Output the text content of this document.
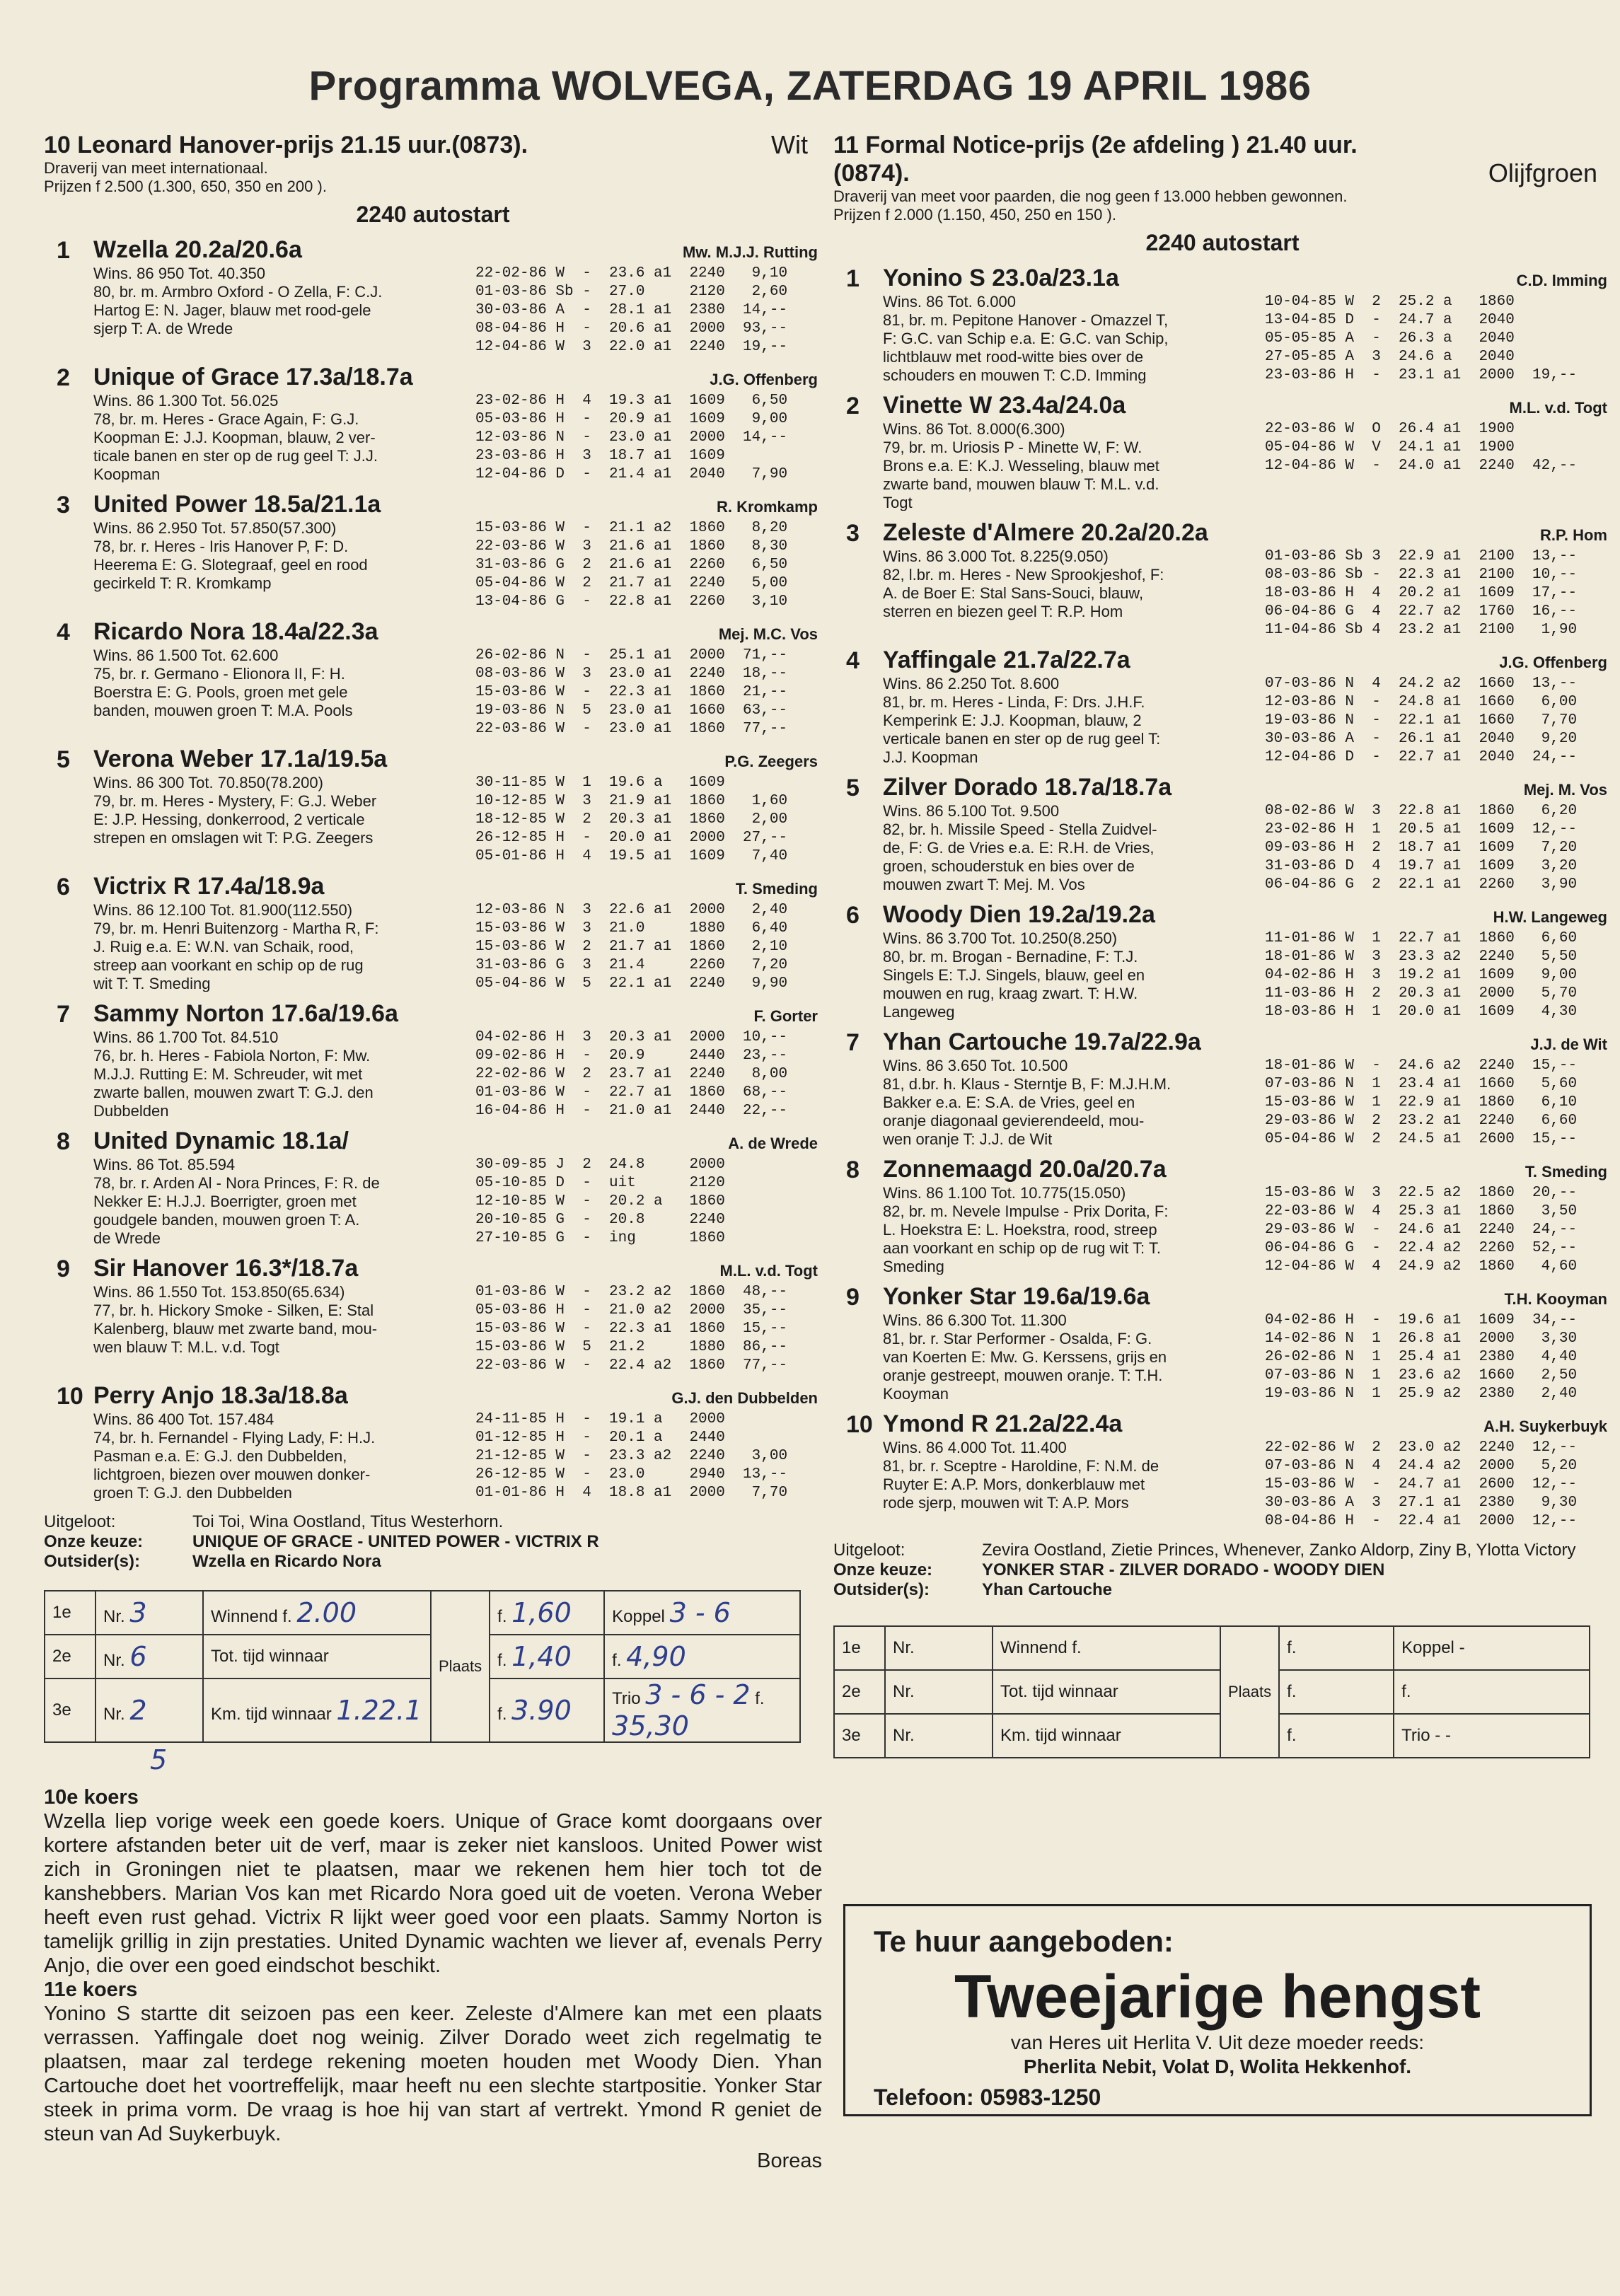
Programma WOLVEGA, ZATERDAG 19 APRIL 1986
10 Leonard Hanover-prijs 21.15 uur.(0873).	Wit
Draverij van meet internationaal.
Prijzen f 2.500 (1.300, 650, 350 en 200 ).
2240 autostart
1 Wzella 20.2a/20.6a	Mw. M.J.J. Rutting
Wins. 86 950 Tot. 40.350	22-02-86 W  -  23.6 a1  2240   9,10
80, br. m. Armbro Oxford - O Zella, F: C.J.	01-03-86 Sb -  27.0     2120   2,60
Hartog E: N. Jager, blauw met rood-gele	30-03-86 A  -  28.1 a1  2380  14,--
sjerp T: A. de Wrede	08-04-86 H  -  20.6 a1  2000  93,--
12-04-86 W  3  22.0 a1  2240  19,--
2 Unique of Grace 17.3a/18.7a	J.G. Offenberg
Wins. 86 1.300 Tot. 56.025	23-02-86 H  4  19.3 a1  1609   6,50
78, br. m. Heres - Grace Again, F: G.J.	05-03-86 H  -  20.9 a1  1609   9,00
Koopman E: J.J. Koopman, blauw, 2 ver-	12-03-86 N  -  23.0 a1  2000  14,--
ticale banen en ster op de rug geel T: J.J.	23-03-86 H  3  18.7 a1  1609
Koopman	12-04-86 D  -  21.4 a1  2040   7,90
3 United Power 18.5a/21.1a	R. Kromkamp
Wins. 86 2.950 Tot. 57.850(57.300)	15-03-86 W  -  21.1 a2  1860   8,20
78, br. r. Heres - Iris Hanover P, F: D.	22-03-86 W  3  21.6 a1  1860   8,30
Heerema E: G. Slotegraaf, geel en rood	31-03-86 G  2  21.6 a1  2260   6,50
gecirkeld T: R. Kromkamp	05-04-86 W  2  21.7 a1  2240   5,00
13-04-86 G  -  22.8 a1  2260   3,10
4 Ricardo Nora 18.4a/22.3a	Mej. M.C. Vos
Wins. 86 1.500 Tot. 62.600	26-02-86 N  -  25.1 a1  2000  71,--
75, br. r. Germano - Elionora II, F: H.	08-03-86 W  3  23.0 a1  2240  18,--
Boerstra E: G. Pools, groen met gele	15-03-86 W  -  22.3 a1  1860  21,--
banden, mouwen groen T: M.A. Pools	19-03-86 N  5  23.0 a1  1660  63,--
22-03-86 W  -  23.0 a1  1860  77,--
5 Verona Weber 17.1a/19.5a	P.G. Zeegers
Wins. 86 300 Tot. 70.850(78.200)	30-11-85 W  1  19.6 a   1609
79, br. m. Heres - Mystery, F: G.J. Weber	10-12-85 W  3  21.9 a1  1860   1,60
E: J.P. Hessing, donkerrood, 2 verticale	18-12-85 W  2  20.3 a1  1860   2,00
strepen en omslagen wit T: P.G. Zeegers	26-12-85 H  -  20.0 a1  2000  27,--
05-01-86 H  4  19.5 a1  1609   7,40
6 Victrix R 17.4a/18.9a	T. Smeding
Wins. 86 12.100 Tot. 81.900(112.550)	12-03-86 N  3  22.6 a1  2000   2,40
79, br. m. Henri Buitenzorg - Martha R, F:	15-03-86 W  3  21.0     1880   6,40
J. Ruig e.a. E: W.N. van Schaik, rood,	15-03-86 W  2  21.7 a1  1860   2,10
streep aan voorkant en schip op de rug	31-03-86 G  3  21.4     2260   7,20
wit T: T. Smeding	05-04-86 W  5  22.1 a1  2240   9,90
7 Sammy Norton 17.6a/19.6a	F. Gorter
Wins. 86 1.700 Tot. 84.510	04-02-86 H  3  20.3 a1  2000  10,--
76, br. h. Heres - Fabiola Norton, F: Mw.	09-02-86 H  -  20.9     2440  23,--
M.J.J. Rutting E: M. Schreuder, wit met	22-02-86 W  2  23.7 a1  2240   8,00
zwarte ballen, mouwen zwart T: G.J. den	01-03-86 W  -  22.7 a1  1860  68,--
Dubbelden	16-04-86 H  -  21.0 a1  2440  22,--
8 United Dynamic 18.1a/	A. de Wrede
Wins. 86 Tot. 85.594	30-09-85 J  2  24.8     2000
78, br. r. Arden Al - Nora Princes, F: R. de	05-10-85 D  -  uit      2120
Nekker E: H.J.J. Boerrigter, groen met	12-10-85 W  -  20.2 a   1860
goudgele banden, mouwen groen T: A.	20-10-85 G  -  20.8     2240
de Wrede	27-10-85 G  -  ing      1860
9 Sir Hanover 16.3*/18.7a	M.L. v.d. Togt
Wins. 86 1.550 Tot. 153.850(65.634)	01-03-86 W  -  23.2 a2  1860  48,--
77, br. h. Hickory Smoke - Silken, E: Stal	05-03-86 H  -  21.0 a2  2000  35,--
Kalenberg, blauw met zwarte band, mou-	15-03-86 W  -  22.3 a1  1860  15,--
wen blauw T: M.L. v.d. Togt	15-03-86 W  5  21.2     1880  86,--
22-03-86 W  -  22.4 a2  1860  77,--
10 Perry Anjo 18.3a/18.8a	G.J. den Dubbelden
Wins. 86 400 Tot. 157.484	24-11-85 H  -  19.1 a   2000
74, br. h. Fernandel - Flying Lady, F: H.J.	01-12-85 H  -  20.1 a   2440
Pasman e.a. E: G.J. den Dubbelden,	21-12-85 W  -  23.3 a2  2240   3,00
lichtgroen, biezen over mouwen donker-	26-12-85 W  -  23.0     2940  13,--
groen T: G.J. den Dubbelden	01-01-86 H  4  18.8 a1  2000   7,70
Uitgeloot:	Toi Toi, Wina Oostland, Titus Westerhorn.
Onze keuze:	UNIQUE OF GRACE - UNITED POWER - VICTRIX R
Outsider(s):	Wzella en Ricardo Nora
1e	Nr. 3	Winnend f. 2.00	Plaats	f. 1,60	Koppel 3 - 6
2e	Nr. 6	Tot. tijd winnaar		f. 1,40	f. 4,90
3e	Nr. 2	Km. tijd winnaar 1.22.1		f. 3.90	Trio 3 - 6 - 2 f. 35,30
5
10e koers
Wzella liep vorige week een goede koers. Unique of Grace komt doorgaans over kortere afstanden beter uit de verf, maar is zeker niet kansloos. United Power wist zich in Groningen niet te plaatsen, maar we rekenen hem hier toch tot de kanshebbers. Marian Vos kan met Ricardo Nora goed uit de voeten. Verona Weber heeft even rust gehad. Victrix R lijkt weer goed voor een plaats. Sammy Norton is tamelijk grillig in zijn prestaties. United Dynamic wachten we liever af, evenals Perry Anjo, die over een goed eindschot beschikt.
11e koers
Yonino S startte dit seizoen pas een keer. Zeleste d'Almere kan met een plaats verrassen. Yaffingale doet nog weinig. Zilver Dorado weet zich regelmatig te plaatsen, maar zal terdege rekening moeten houden met Woody Dien. Yhan Cartouche doet het voortreffelijk, maar heeft nu een slechte startpositie. Yonker Star steek in prima vorm. De vraag is hoe hij van start af vertrekt. Ymond R geniet de steun van Ad Suykerbuyk.
Boreas
11 Formal Notice-prijs (2e afdeling ) 21.40 uur.(0874).	Olijfgroen
Draverij van meet voor paarden, die nog geen f 13.000 hebben gewonnen.
Prijzen f 2.000 (1.150, 450, 250 en 150 ).
2240 autostart
1 Yonino S 23.0a/23.1a	C.D. Imming
Wins. 86 Tot. 6.000	10-04-85 W  2  25.2 a   1860
81, br. m. Pepitone Hanover - Omazzel T,	13-04-85 D  -  24.7 a   2040
F: G.C. van Schip e.a. E: G.C. van Schip,	05-05-85 A  -  26.3 a   2040
lichtblauw met rood-witte bies over de	27-05-85 A  3  24.6 a   2040
schouders en mouwen T: C.D. Imming	23-03-86 H  -  23.1 a1  2000  19,--
2 Vinette W 23.4a/24.0a	M.L. v.d. Togt
Wins. 86 Tot. 8.000(6.300)	22-03-86 W  O  26.4 a1  1900
79, br. m. Uriosis P - Minette W, F: W.	05-04-86 W  V  24.1 a1  1900
Brons e.a. E: K.J. Wesseling, blauw met	12-04-86 W  -  24.0 a1  2240  42,--
zwarte band, mouwen blauw T: M.L. v.d.
Togt
3 Zeleste d'Almere 20.2a/20.2a	R.P. Hom
Wins. 86 3.000 Tot. 8.225(9.050)	01-03-86 Sb 3  22.9 a1  2100  13,--
82, l.br. m. Heres - New Sprookjeshof, F:	08-03-86 Sb -  22.3 a1  2100  10,--
A. de Boer E: Stal Sans-Souci, blauw,	18-03-86 H  4  20.2 a1  1609  17,--
sterren en biezen geel T: R.P. Hom	06-04-86 G  4  22.7 a2  1760  16,--
11-04-86 Sb 4  23.2 a1  2100   1,90
4 Yaffingale 21.7a/22.7a	J.G. Offenberg
Wins. 86 2.250 Tot. 8.600	07-03-86 N  4  24.2 a2  1660  13,--
81, br. m. Heres - Linda, F: Drs. J.H.F.	12-03-86 N  -  24.8 a1  1660   6,00
Kemperink E: J.J. Koopman, blauw, 2	19-03-86 N  -  22.1 a1  1660   7,70
verticale banen en ster op de rug geel T:	30-03-86 A  -  26.1 a1  2040   9,20
J.J. Koopman	12-04-86 D  -  22.7 a1  2040  24,--
5 Zilver Dorado 18.7a/18.7a	Mej. M. Vos
Wins. 86 5.100 Tot. 9.500	08-02-86 W  3  22.8 a1  1860   6,20
82, br. h. Missile Speed - Stella Zuidvel-	23-02-86 H  1  20.5 a1  1609  12,--
de, F: G. de Vries e.a. E: R.H. de Vries,	09-03-86 H  2  18.7 a1  1609   7,20
groen, schouderstuk en bies over de	31-03-86 D  4  19.7 a1  1609   3,20
mouwen zwart T: Mej. M. Vos	06-04-86 G  2  22.1 a1  2260   3,90
6 Woody Dien 19.2a/19.2a	H.W. Langeweg
Wins. 86 3.700 Tot. 10.250(8.250)	11-01-86 W  1  22.7 a1  1860   6,60
80, br. m. Brogan - Bernadine, F: T.J.	18-01-86 W  3  23.3 a2  2240   5,50
Singels E: T.J. Singels, blauw, geel en	04-02-86 H  3  19.2 a1  1609   9,00
mouwen en rug, kraag zwart. T: H.W.	11-03-86 H  2  20.3 a1  2000   5,70
Langeweg	18-03-86 H  1  20.0 a1  1609   4,30
7 Yhan Cartouche 19.7a/22.9a	J.J. de Wit
Wins. 86 3.650 Tot. 10.500	18-01-86 W  -  24.6 a2  2240  15,--
81, d.br. h. Klaus - Sterntje B, F: M.J.H.M.	07-03-86 N  1  23.4 a1  1660   5,60
Bakker e.a. E: S.A. de Vries, geel en	15-03-86 W  1  22.9 a1  1860   6,10
oranje diagonaal gevierendeeld, mou-	29-03-86 W  2  23.2 a1  2240   6,60
wen oranje T: J.J. de Wit	05-04-86 W  2  24.5 a1  2600  15,--
8 Zonnemaagd 20.0a/20.7a	T. Smeding
Wins. 86 1.100 Tot. 10.775(15.050)	15-03-86 W  3  22.5 a2  1860  20,--
82, br. m. Nevele Impulse - Prix Dorita, F:	22-03-86 W  4  25.3 a1  1860   3,50
L. Hoekstra E: L. Hoekstra, rood, streep	29-03-86 W  -  24.6 a1  2240  24,--
aan voorkant en schip op de rug wit T: T.	06-04-86 G  -  22.4 a2  2260  52,--
Smeding	12-04-86 W  4  24.9 a2  1860   4,60
9 Yonker Star 19.6a/19.6a	T.H. Kooyman
Wins. 86 6.300 Tot. 11.300	04-02-86 H  -  19.6 a1  1609  34,--
81, br. r. Star Performer - Osalda, F: G.	14-02-86 N  1  26.8 a1  2000   3,30
van Koerten E: Mw. G. Kerssens, grijs en	26-02-86 N  1  25.4 a1  2380   4,40
oranje gestreept, mouwen oranje. T: T.H.	07-03-86 N  1  23.6 a2  1660   2,50
Kooyman	19-03-86 N  1  25.9 a2  2380   2,40
10 Ymond R 21.2a/22.4a	A.H. Suykerbuyk
Wins. 86 4.000 Tot. 11.400	22-02-86 W  2  23.0 a2  2240  12,--
81, br. r. Sceptre - Haroldine, F: N.M. de	07-03-86 N  4  24.4 a2  2000   5,20
Ruyter E: A.P. Mors, donkerblauw met	15-03-86 W  -  24.7 a1  2600  12,--
rode sjerp, mouwen wit T: A.P. Mors	30-03-86 A  3  27.1 a1  2380   9,30
08-04-86 H  -  22.4 a1  2000  12,--
Uitgeloot:	Zevira Oostland, Zietie Princes, Whenever, Zanko Aldorp, Ziny B, Ylotta Victory
Onze keuze:	YONKER STAR - ZILVER DORADO - WOODY DIEN
Outsider(s):	Yhan Cartouche
1e	Nr.	Winnend f.	Plaats	f.	Koppel -
2e	Nr.	Tot. tijd winnaar		f.	f.
3e	Nr.	Km. tijd winnaar		f.	Trio - -
Te huur aangeboden:
Tweejarige hengst
van Heres uit Herlita V. Uit deze moeder reeds:
Pherlita Nebit, Volat D, Wolita Hekkenhof.
Telefoon: 05983-1250
